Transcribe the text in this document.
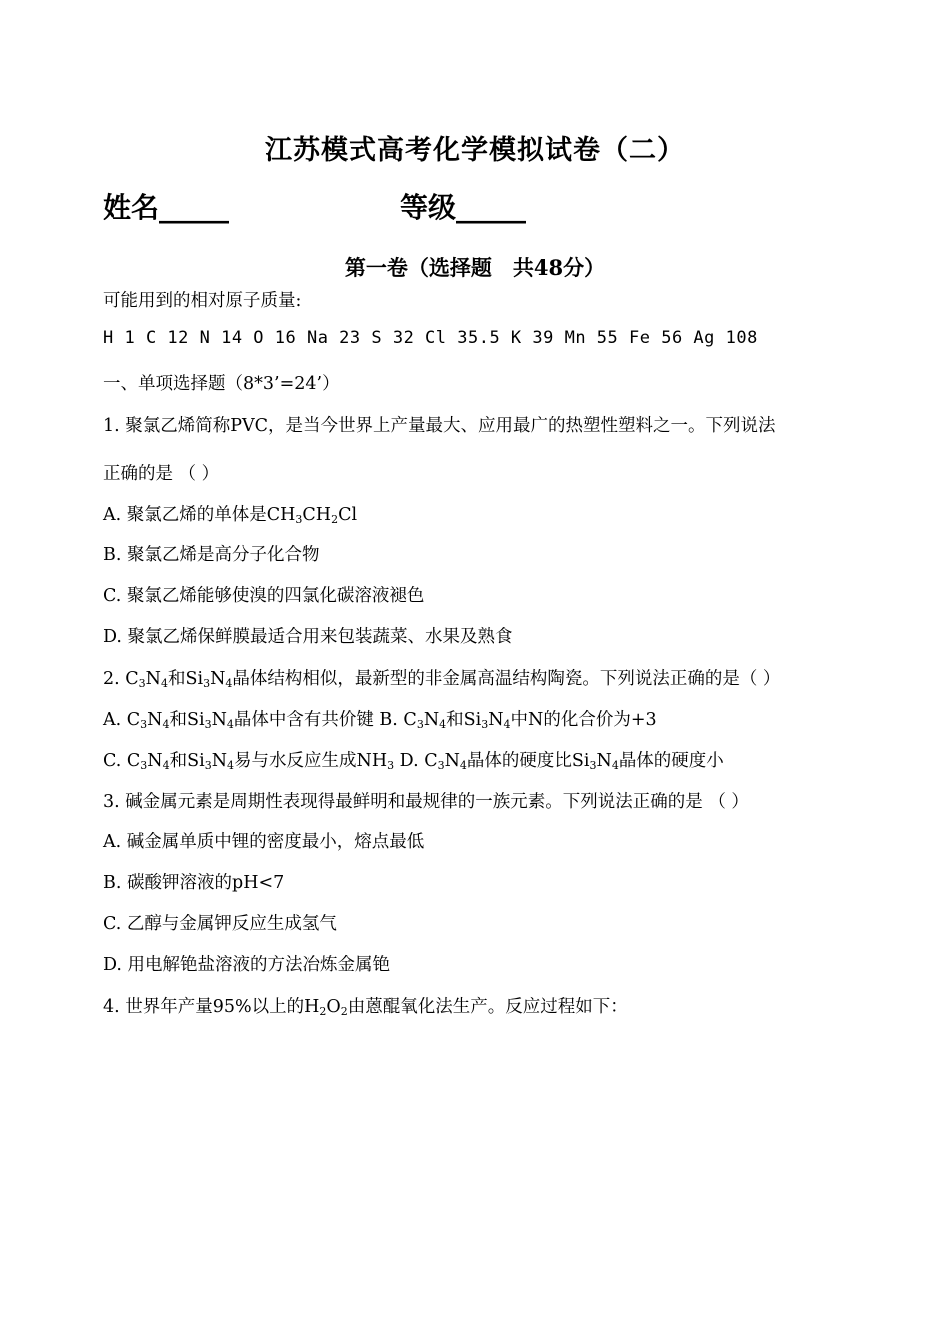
江苏模式高考化学模拟试卷（二）
姓名_____	等级_____
第一卷（选择题　共48分）
可能用到的相对原子质量:
H 1 C 12 N 14 O 16 Na 23 S 32 Cl 35.5 K 39 Mn 55 Fe 56 Ag 108
一、单项选择题（8*3’=24’）
1. 聚氯乙烯简称PVC，是当今世界上产量最大、应用最广的热塑性塑料之一。下列说法
正确的是 （ ）
A. 聚氯乙烯的单体是$CH_3CH_2Cl$
B. 聚氯乙烯是高分子化合物
C. 聚氯乙烯能够使溴的四氯化碳溶液褪色
D. 聚氯乙烯保鲜膜最适合用来包装蔬菜、水果及熟食
2. $C_3N_4$和$Si_3N_4$晶体结构相似，最新型的非金属高温结构陶瓷。下列说法正确的是（ ）
A. $C_3N_4$和$Si_3N_4$晶体中含有共价键 B. $C_3N_4$和$Si_3N_4$中N的化合价为+3
C. $C_3N_4$和$Si_3N_4$易与水反应生成$NH_3$ D. $C_3N_4$晶体的硬度比$Si_3N_4$晶体的硬度小
3. 碱金属元素是周期性表现得最鲜明和最规律的一族元素。下列说法正确的是 （ ）
A. 碱金属单质中锂的密度最小，熔点最低
B. 碳酸钾溶液的pH<7
C. 乙醇与金属钾反应生成氢气
D. 用电解铯盐溶液的方法冶炼金属铯
4. 世界年产量95%以上的$H_2O_2$由蒽醌氧化法生产。反应过程如下：
